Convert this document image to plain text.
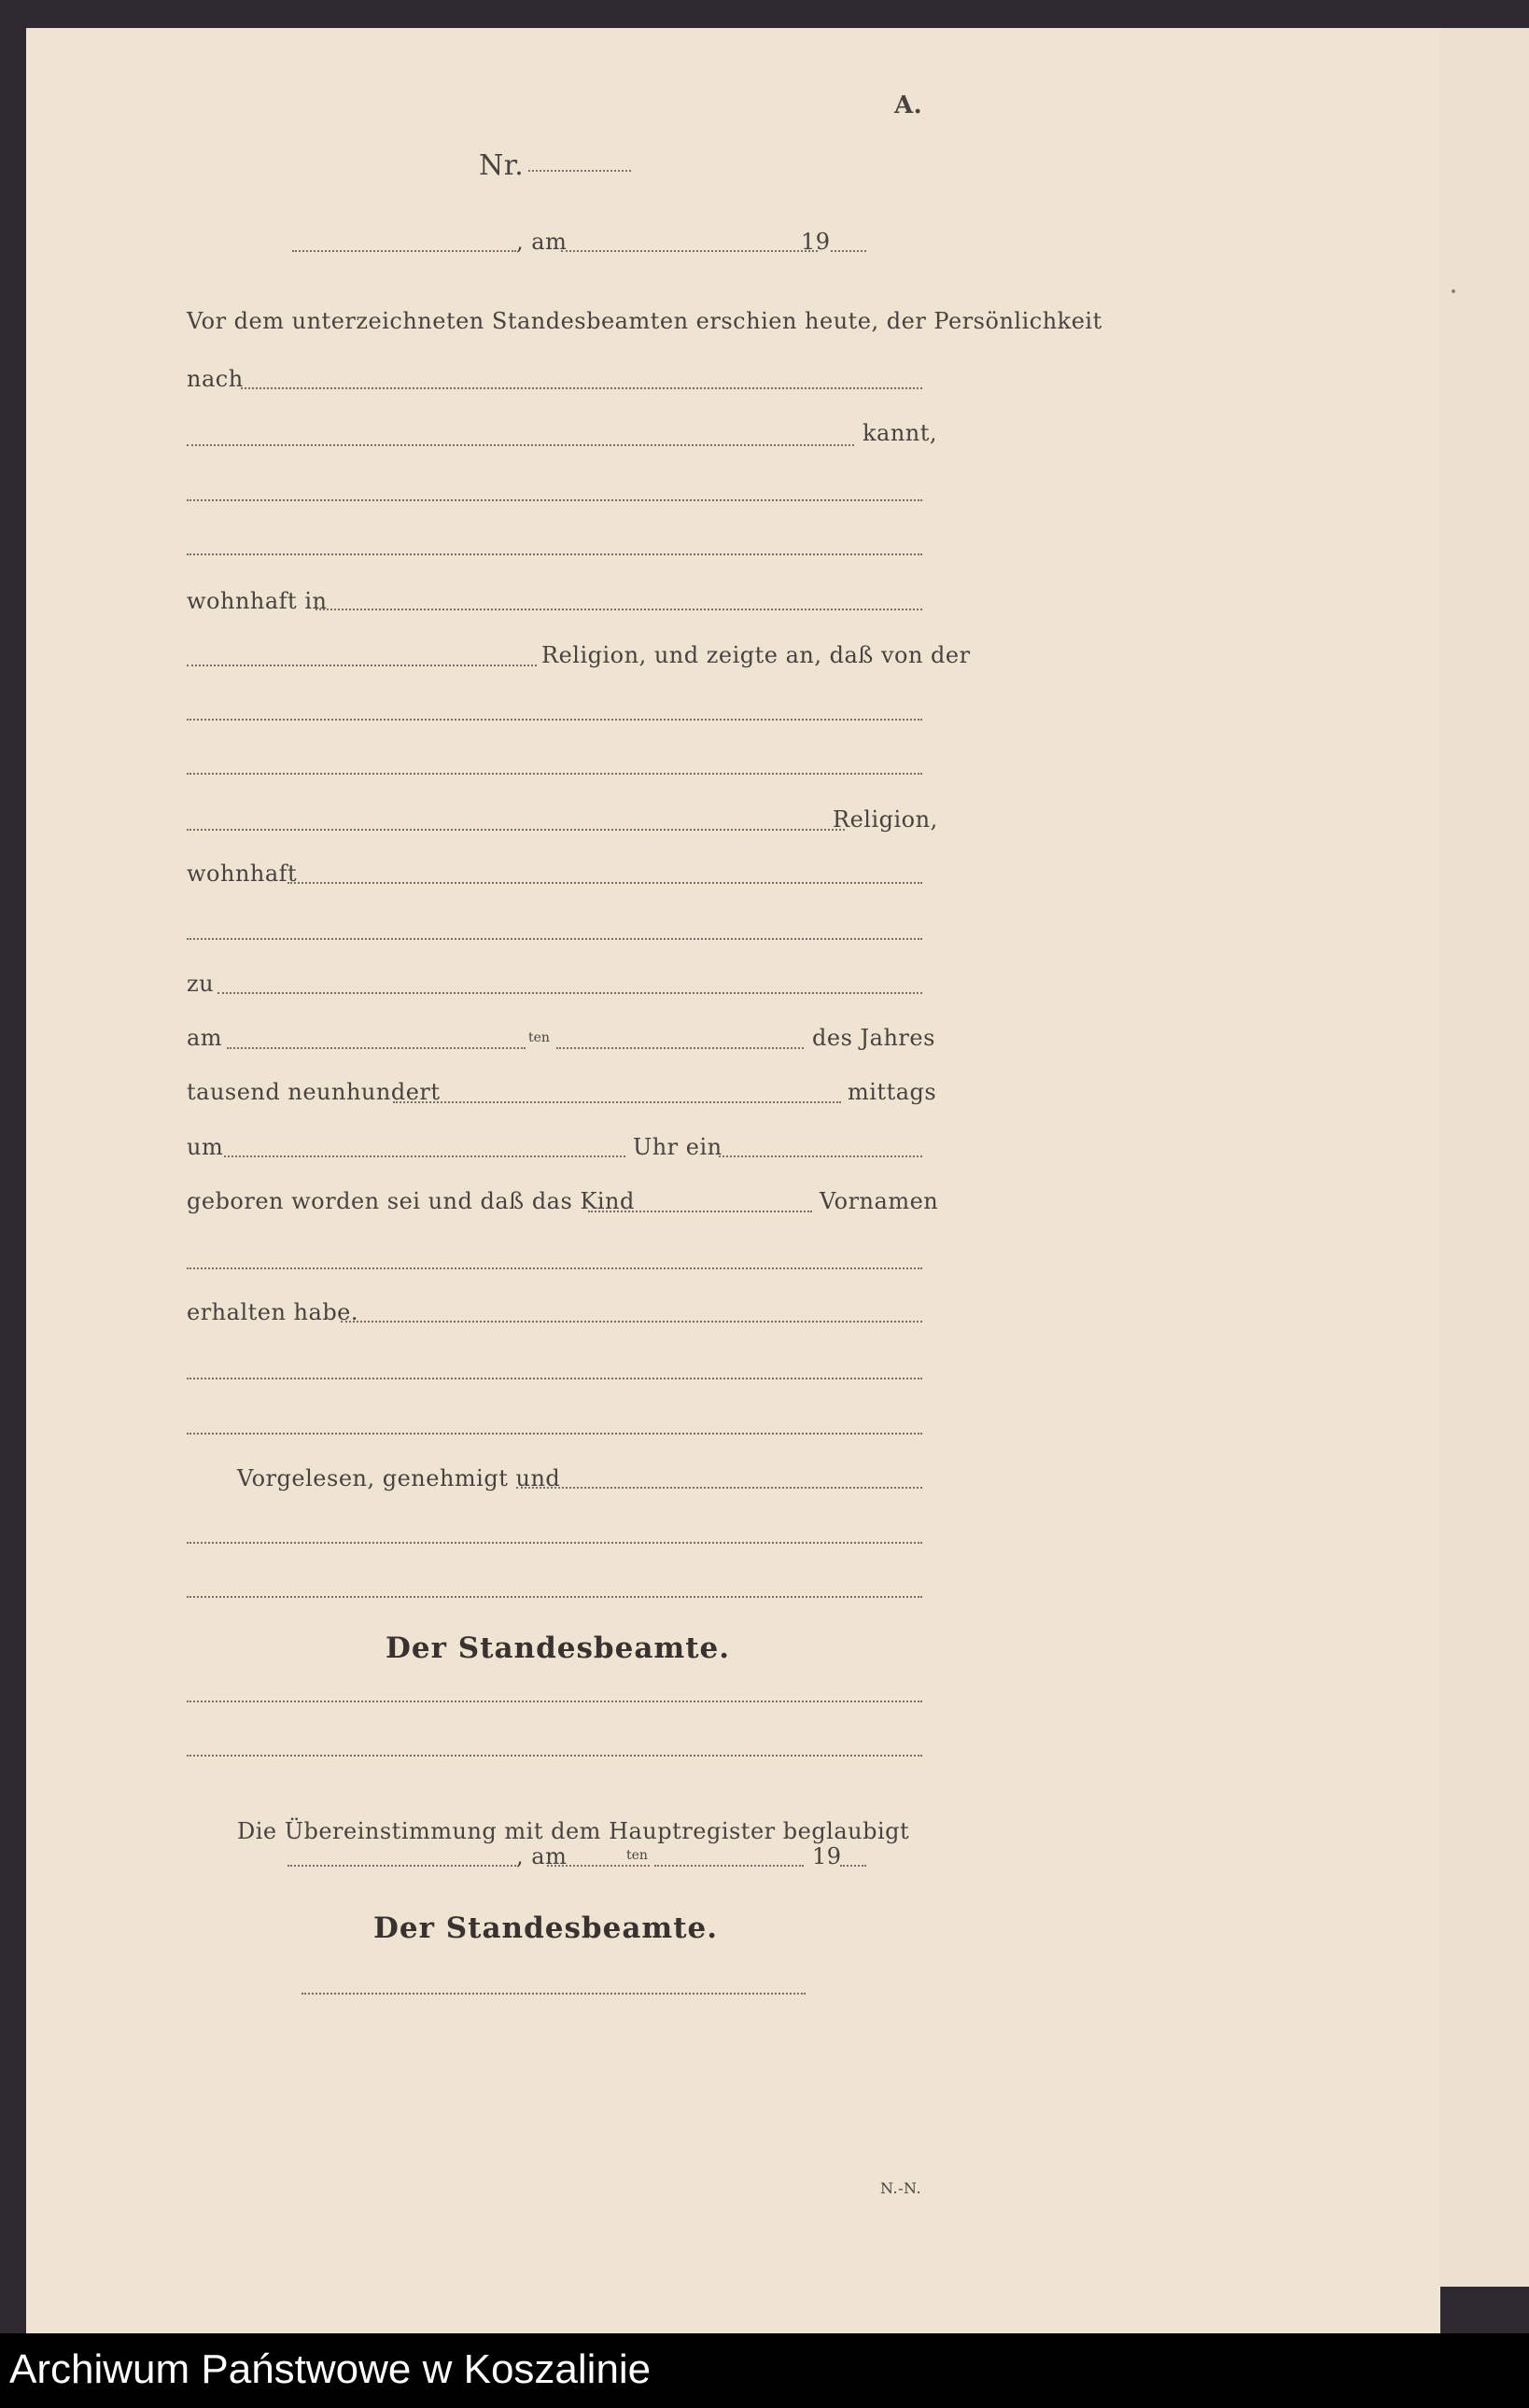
A.
Nr.
, am	19
Vor dem unterzeichneten Standesbeamten erschien heute, der Persönlichkeit
nach
kannt,
wohnhaft in
Religion, und zeigte an, daß von der
Religion,
wohnhaft
zu
am	ten	des Jahres
tausend neunhundert	mittags
um	Uhr ein
geboren worden sei und daß das Kind	Vornamen
erhalten habe.
Vorgelesen, genehmigt und
Der Standesbeamte.
Die Übereinstimmung mit dem Hauptregister beglaubigt
, am	ten	19
Der Standesbeamte.
N.-N.
Archiwum Państwowe w Koszalinie
